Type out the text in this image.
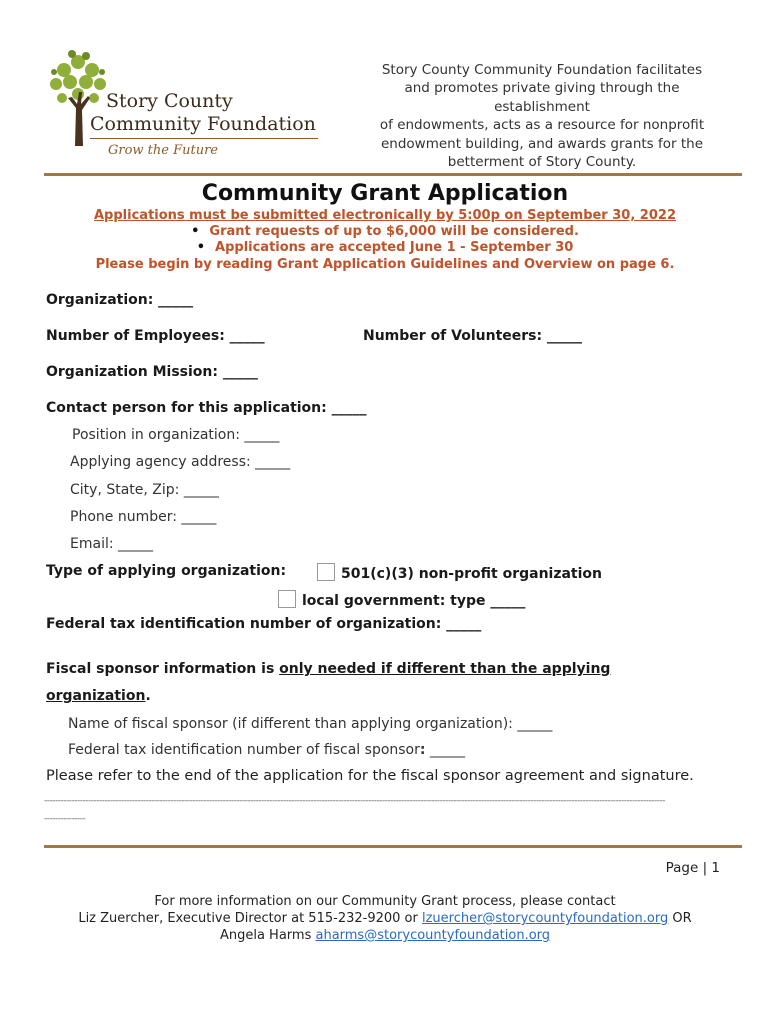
Story County
Community Foundation
Grow the Future
Story County Community Foundation facilitates
and promotes private giving through the
establishment
of endowments, acts as a resource for nonprofit
endowment building, and awards grants for the
betterment of Story County.
Community Grant Application
Applications must be submitted electronically by 5:00p on September 30, 2022
• Grant requests of up to $6,000 will be considered.
• Applications are accepted June 1 - September 30
Please begin by reading Grant Application Guidelines and Overview on page 6.
Organization: _____
Number of Employees: _____	Number of Volunteers: _____
Organization Mission: _____
Contact person for this application: _____
Position in organization: _____
Applying agency address: _____
City, State, Zip: _____
Phone number: _____
Email: _____
Type of applying organization:	501(c)(3) non-profit organization
local government: type _____
Federal tax identification number of organization: _____
Fiscal sponsor information is only needed if different than the applying
organization.
Name of fiscal sponsor (if different than applying organization): _____
Federal tax identification number of fiscal sponsor: _____
Please refer to the end of the application for the fiscal sponsor agreement and signature.
----------------------------------------------------------------------------------------------------------------------------------------------------------------------------------------------------------------------------------
---------------
Page | 1
For more information on our Community Grant process, please contact
Liz Zuercher, Executive Director at 515-232-9200 or lzuercher@storycountyfoundation.org OR
Angela Harms aharms@storycountyfoundation.org
